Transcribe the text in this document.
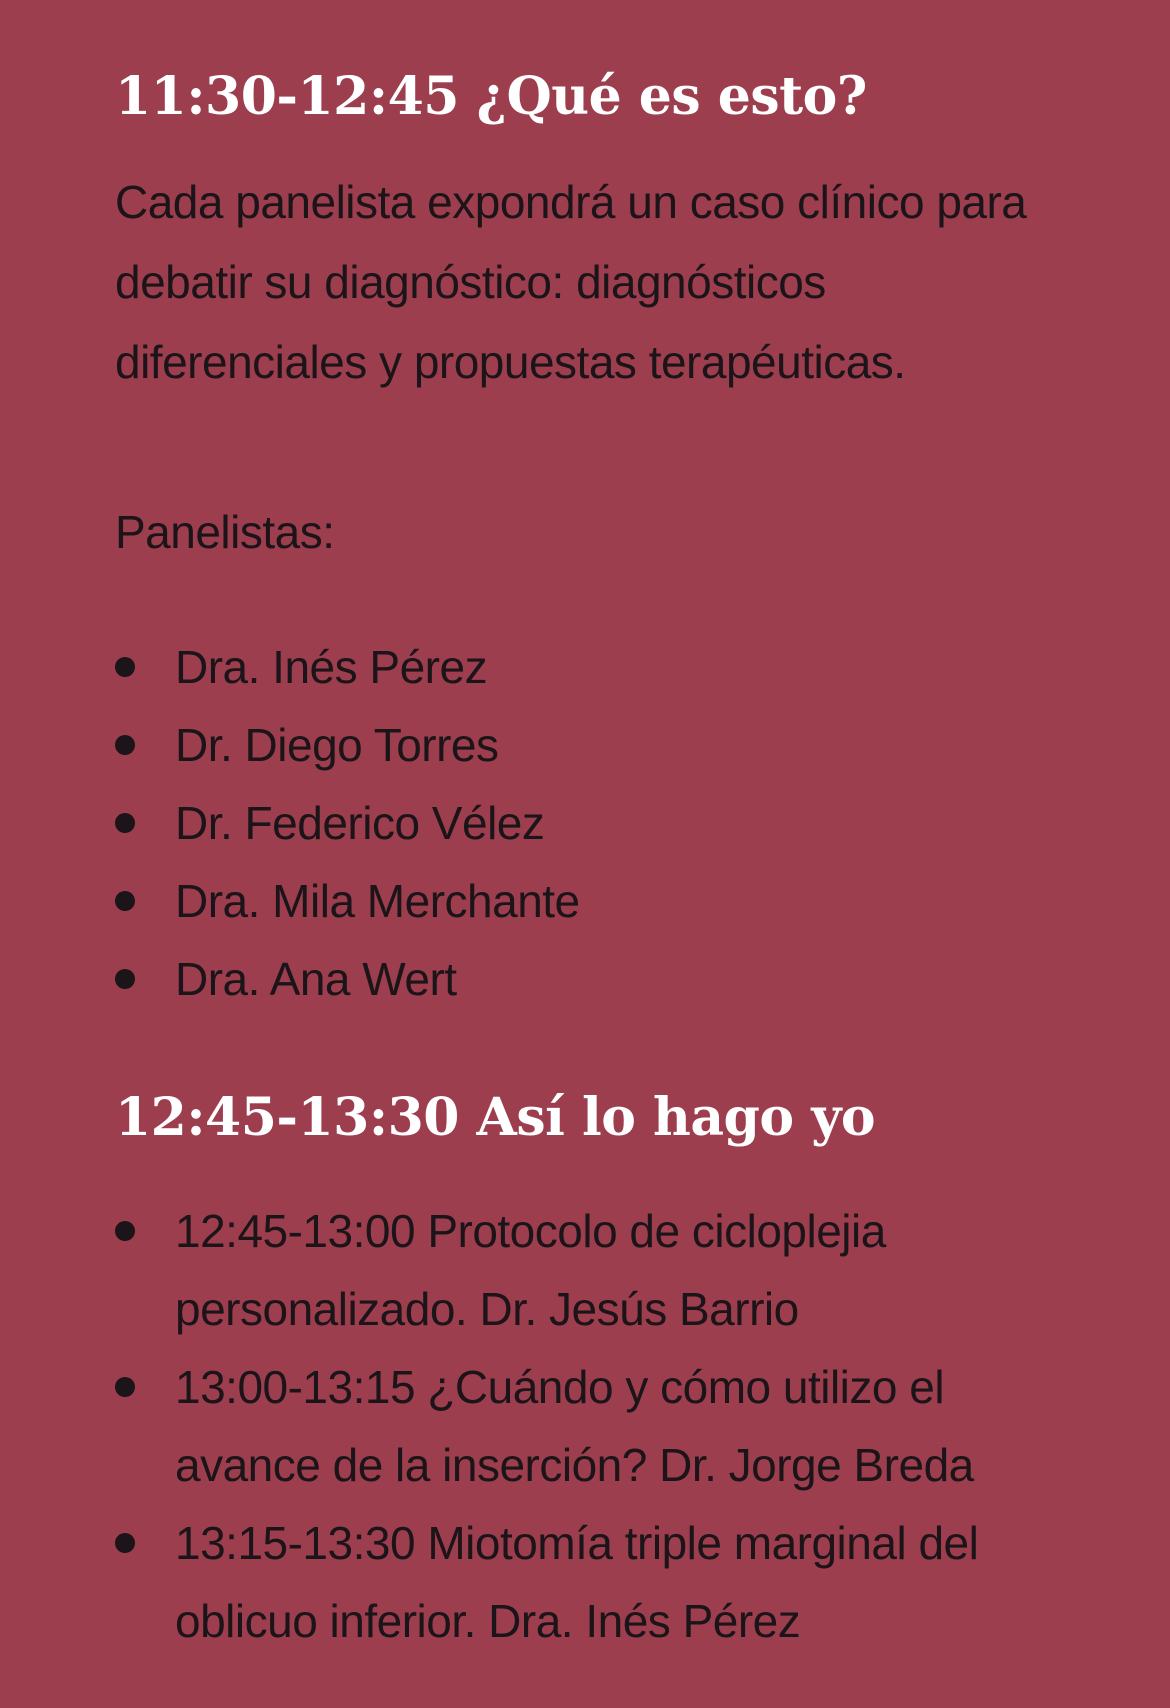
11:30-12:45 ¿Qué es esto?

Cada panelista expondrá un caso clínico para debatir su diagnóstico: diagnósticos diferenciales y propuestas terapéuticas.

Panelistas:

Dra. Inés Pérez
Dr. Diego Torres
Dr. Federico Vélez
Dra. Mila Merchante
Dra. Ana Wert
12:45-13:30 Así lo hago yo
12:45-13:00 Protocolo de cicloplejia personalizado. Dr. Jesús Barrio
13:00-13:15 ¿Cuándo y cómo utilizo el avance de la inserción? Dr. Jorge Breda
13:15-13:30 Miotomía triple marginal del oblicuo inferior. Dra. Inés Pérez
